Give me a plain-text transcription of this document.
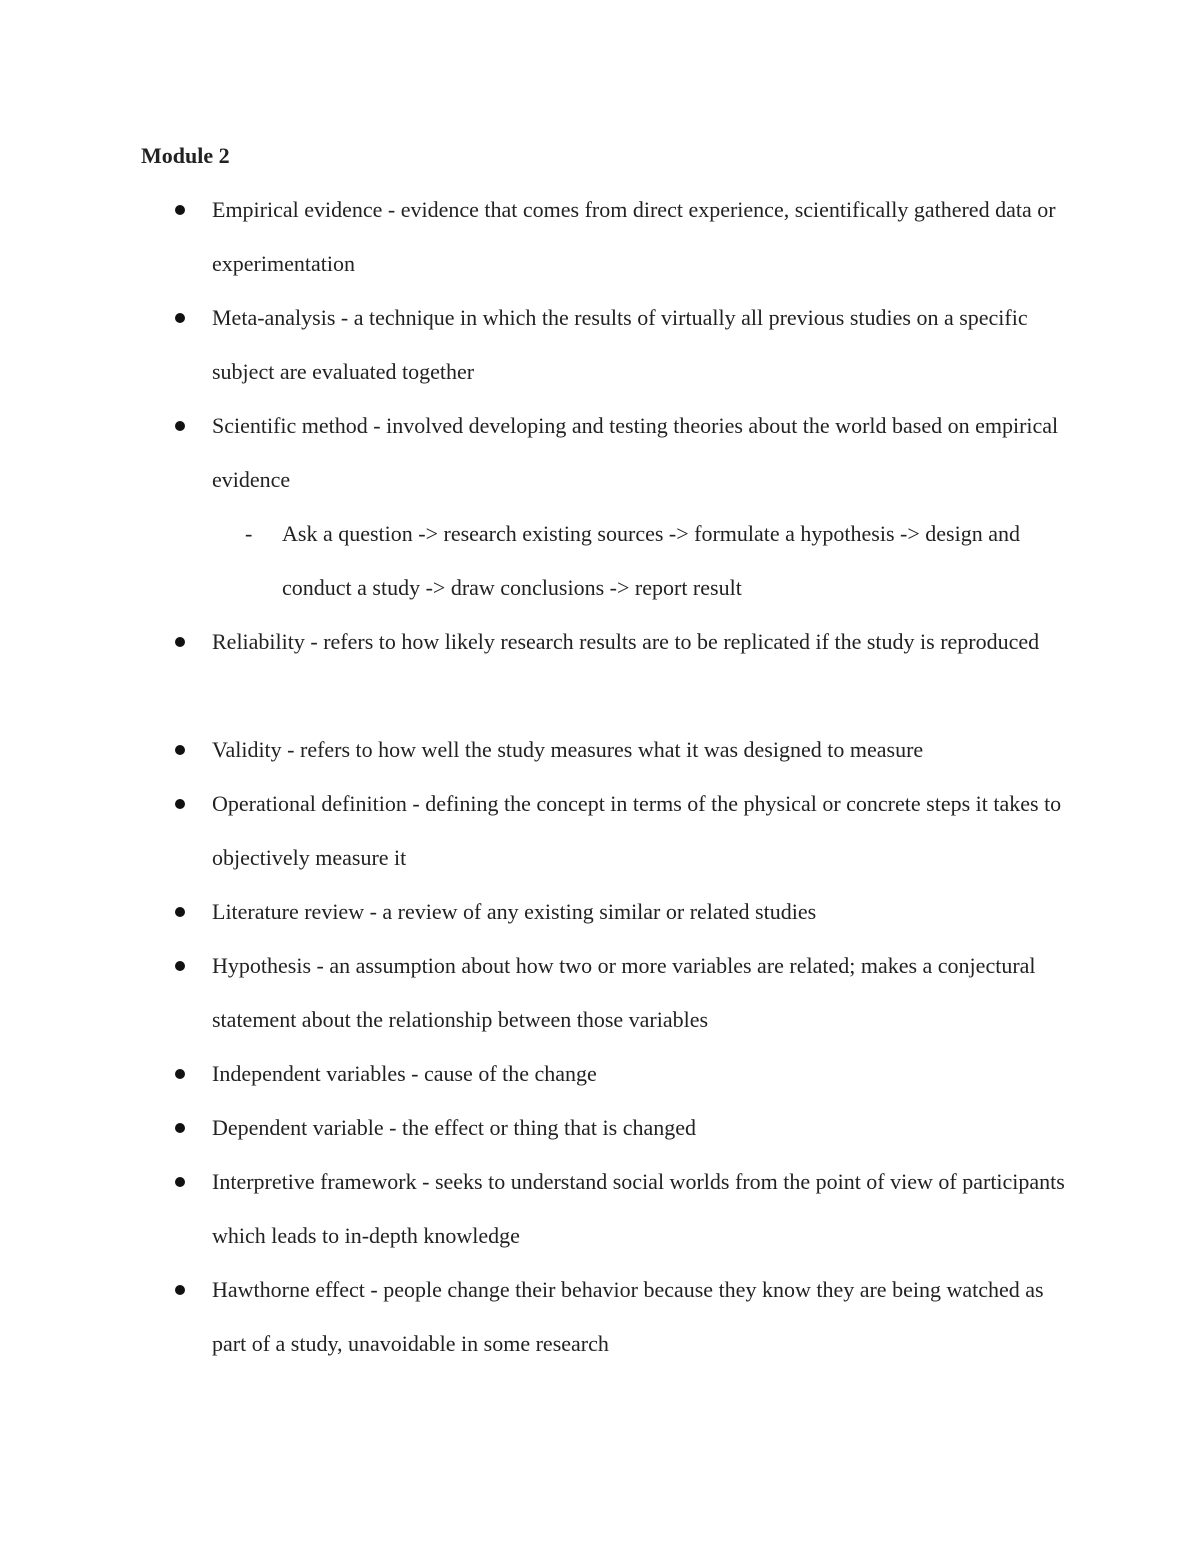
Module 2
Empirical evidence - evidence that comes from direct experience, scientifically gathered data or experimentation
Meta-analysis - a technique in which the results of virtually all previous studies on a specific subject are evaluated together
Scientific method - involved developing and testing theories about the world based on empirical evidence
-	Ask a question -> research existing sources -> formulate a hypothesis -> design and conduct a study -> draw conclusions -> report result
Reliability - refers to how likely research results are to be replicated if the study is reproduced
Validity - refers to how well the study measures what it was designed to measure
Operational definition - defining the concept in terms of the physical or concrete steps it takes to objectively measure it
Literature review - a review of any existing similar or related studies
Hypothesis - an assumption about how two or more variables are related; makes a conjectural statement about the relationship between those variables
Independent variables - cause of the change
Dependent variable - the effect or thing that is changed
Interpretive framework - seeks to understand social worlds from the point of view of participants which leads to in-depth knowledge
Hawthorne effect - people change their behavior because they know they are being watched as part of a study, unavoidable in some research
